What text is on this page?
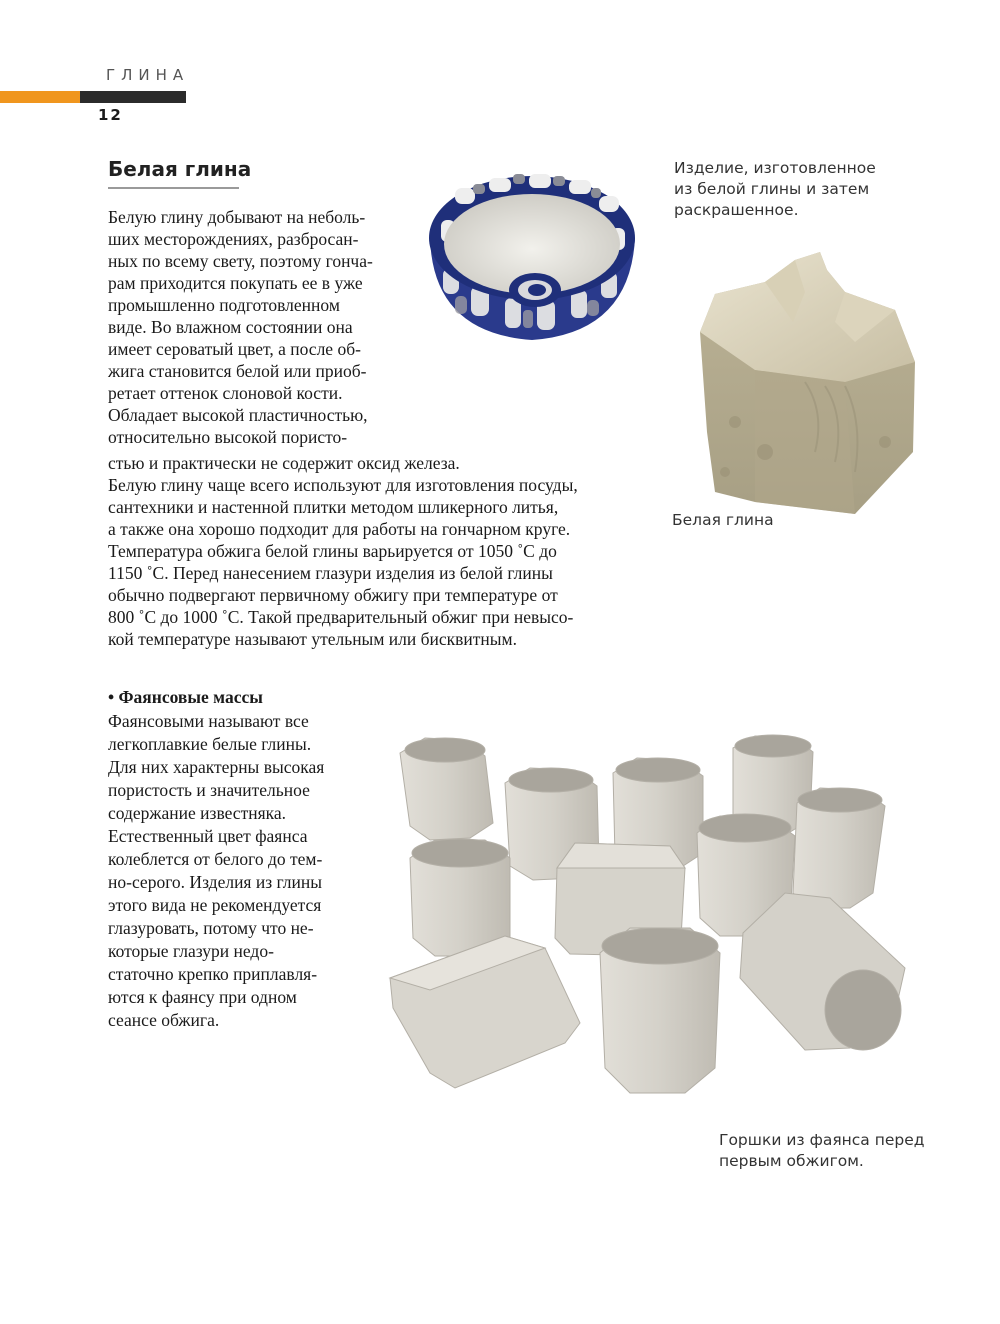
ГЛИНА
12
Белая глина
Белую глину добывают на неболь-
ших месторождениях, разбросан-
ных по всему свету, поэтому гонча-
рам приходится покупать ее в уже
промышленно подготовленном
виде. Во влажном состоянии она
имеет сероватый цвет, а после об-
жига становится белой или приоб-
ретает оттенок слоновой кости.
Обладает высокой пластичностью,
относительно высокой пористо-
стью и практически не содержит оксид железа.
Белую глину чаще всего используют для изготовления посуды,
сантехники и настенной плитки методом шликерного литья,
а также она хорошо подходит для работы на гончарном круге.
Температура обжига белой глины варьируется от 1050 ˚С до
1150 ˚С. Перед нанесением глазури изделия из белой глины
обычно подвергают первичному обжигу при температуре от
800 ˚С до 1000 ˚С. Такой предварительный обжиг при невысо-
кой температуре называют утельным или бисквитным.
Изделие, изготовленное
из белой глины и затем
раскрашенное.
Белая глина
• Фаянсовые массы
Фаянсовыми называют все
легкоплавкие белые глины.
Для них характерны высокая
пористость и значительное
содержание известняка.
Естественный цвет фаянса
колеблется от белого до тем-
но-серого. Изделия из глины
этого вида не рекомендуется
глазуровать, потому что не-
которые глазури недо-
статочно крепко приплавля-
ются к фаянсу при одном
сеансе обжига.
Горшки из фаянса перед
первым обжигом.
